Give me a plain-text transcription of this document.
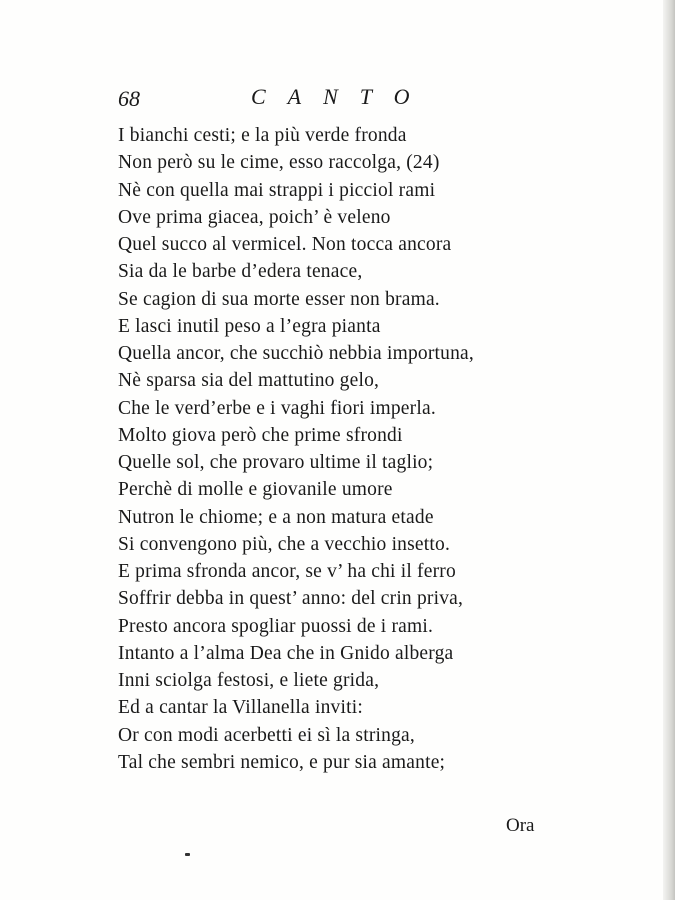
68	CANTO
I bianchi cesti; e la più verde fronda
Non però su le cime, esso raccolga, (24)
Nè con quella mai strappi i picciol rami
Ove prima giacea, poich’ è veleno
Quel succo al vermicel. Non tocca ancora
Sia da le barbe d’edera tenace,
Se cagion di sua morte esser non brama.
E lasci inutil peso a l’egra pianta
Quella ancor, che succhiò nebbia importuna,
Nè sparsa sia del mattutino gelo,
Che le verd’erbe e i vaghi fiori imperla.
Molto giova però che prime sfrondi
Quelle sol, che provaro ultime il taglio;
Perchè di molle e giovanile umore
Nutron le chiome; e a non matura etade
Si convengono più, che a vecchio insetto.
E prima sfronda ancor, se v’ ha chi il ferro
Soffrir debba in quest’ anno: del crin priva,
Presto ancora spogliar puossi de i rami.
Intanto a l’alma Dea che in Gnido alberga
Inni sciolga festosi, e liete grida,
Ed a cantar la Villanella inviti:
Or con modi acerbetti ei sì la stringa,
Tal che sembri nemico, e pur sia amante;
Ora
